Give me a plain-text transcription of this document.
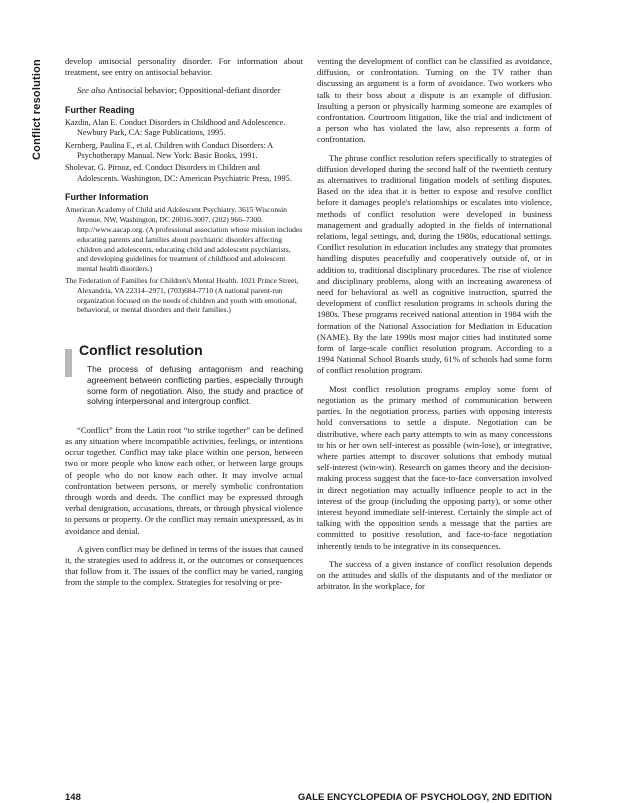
Conflict resolution	develop antisocial personality disorder. For information about treatment, see entry on antisocial behavior.

See also Antisocial behavior; Oppositional-defiant disorder

Further Reading

Kazdin, Alan E. Conduct Disorders in Childhood and Adolescence. Newbury Park, CA: Sage Publications, 1995.

Kernberg, Paulina F., et al. Children with Conduct Disorders: A Psychotherapy Manual. New York: Basic Books, 1991.

Sholevar, G. Pirooz, ed. Conduct Disorders in Children and Adolescents. Washington, DC: American Psychiatric Press, 1995.

Further Information

American Academy of Child and Adolescent Psychiatry. 3615 Wisconsin Avenue, NW, Washington, DC 20016-3007, (202) 966–7300. http://www.aacap.org. (A professional association whose mission includes educating parents and families about psychiatric disorders affecting children and adolescents, educating child and adolescent psychiatrists, and developing guidelines for treatment of childhood and adolescent mental health disorders.)

The Federation of Families for Children's Mental Health. 1021 Prince Street, Alexandria, VA 22314–2971, (703)684-7710 (A national parent-run organization focused on the needs of children and youth with emotional, behavioral, or mental disorders and their families.)

Conflict resolution

The process of defusing antagonism and reaching agreement between conflicting parties, especially through some form of negotiation. Also, the study and practice of solving interpersonal and intergroup conflict.

“Conflict” from the Latin root “to strike together” can be defined as any situation where incompatible activities, feelings, or intentions occur together. Conflict may take place within one person, between two or more people who know each other, or between large groups of people who do not know each other. It may involve actual confrontation between persons, or merely symbolic confrontation through words and deeds. The conflict may be expressed through verbal denigration, accusations, threats, or through physical violence to persons or property. Or the conflict may remain unexpressed, as in avoidance and denial.

A given conflict may be defined in terms of the issues that caused it, the strategies used to address it, or the outcomes or consequences that follow from it. The issues of the conflict may be varied, ranging from the simple to the complex. Strategies for resolving or pre-

venting the development of conflict can be classified as avoidance, diffusion, or confrontation. Turning on the TV rather than discussing an argument is a form of avoidance. Two workers who talk to their boss about a dispute is an example of diffusion. Insulting a person or physically harming someone are examples of confrontation. Courtroom litigation, like the trial and indictment of a person who has violated the law, also represents a form of confrontation.

The phrase conflict resolution refers specifically to strategies of diffusion developed during the second half of the twentieth century as alternatives to traditional litigation models of settling disputes. Based on the idea that it is better to expose and resolve conflict before it damages people's relationships or escalates into violence, methods of conflict resolution were developed in business management and gradually adopted in the fields of international relations, legal settings, and, during the 1980s, educational settings. Conflict resolution in education includes any strategy that promotes handling disputes peacefully and cooperatively outside of, or in addition to, traditional disciplinary procedures. The rise of violence and disciplinary problems, along with an increasing awareness of need for behavioral as well as cognitive instruction, spurred the development of conflict resolution programs in schools during the 1980s. These programs received national attention in 1984 with the formation of the National Association for Mediation in Education (NAME). By the late 1990s most major cities had instituted some form of large-scale conflict resolution program. According to a 1994 National School Boards study, 61% of schools had some form of conflict resolution program.

Most conflict resolution programs employ some form of negotiation as the primary method of communication between parties. In the negotiation process, parties with opposing interests hold conversations to settle a dispute. Negotiation can be distributive, where each party attempts to win as many concessions to his or her own self-interest as possible (win-lose), or integrative, where parties attempt to discover solutions that embody mutual self-interest (win-win). Research on games theory and the decision-making process suggest that the face-to-face conversation involved in direct negotiation may actually influence people to act in the interest of the group (including the opposing party), or some other interest beyond immediate self-interest. Certainly the simple act of talking with the opposition sends a message that the parties are committed to positive resolution, and face-to-face negotiation inherently tends to be integrative in its consequences.

The success of a given instance of conflict resolution depends on the attitudes and skills of the disputants and of the mediator or arbitrator. In the workplace, for

148	GALE ENCYCLOPEDIA OF PSYCHOLOGY, 2ND EDITION
